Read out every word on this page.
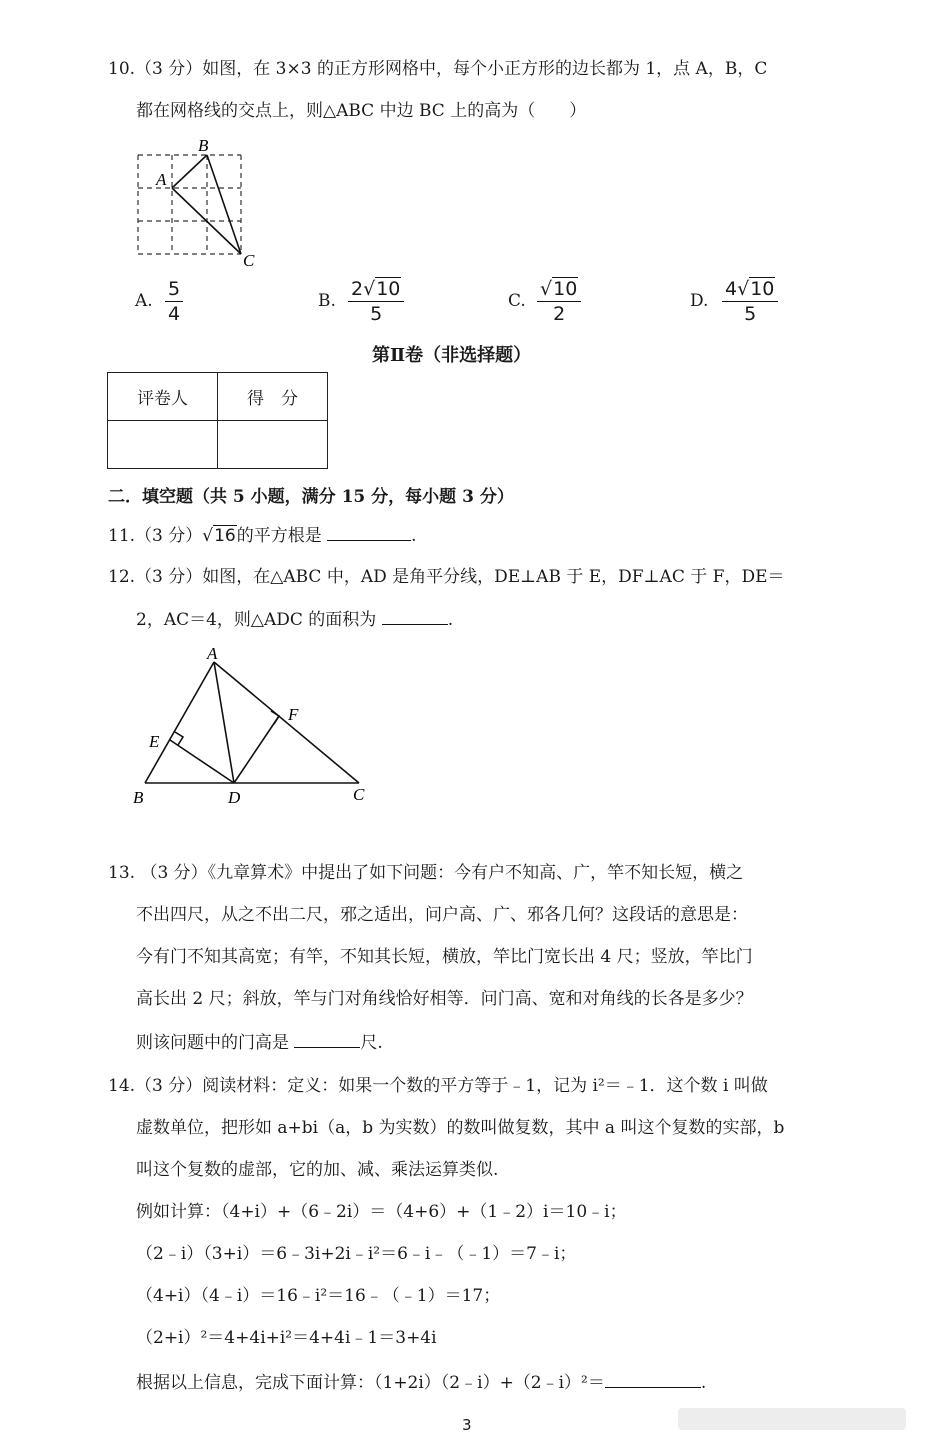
10.（3 分）如图，在 3×3 的正方形网格中，每个小正方形的边长都为 1，点 A，B，C
都在网格线的交点上，则△ABC 中边 BC 上的高为（　　）
B
A
C
A. $\frac{5}{4}$	B. $\frac{2√10}{5}$	C. $\frac{√10}{2}$	D. $\frac{4√10}{5}$
第Ⅱ卷（非选择题）
评卷人	得　分

二．填空题（共 5 小题，满分 15 分，每小题 3 分）
11.（3 分）√16的平方根是	.
12.（3 分）如图，在△ABC 中，AD 是角平分线，DE⊥AB 于 E，DF⊥AC 于 F，DE＝
2，AC＝4，则△ADC 的面积为	.
A
B	C
D
E
F
13. （3 分）《九章算术》中提出了如下问题：今有户不知高、广，竿不知长短，横之
不出四尺，从之不出二尺，邪之适出，问户高、广、邪各几何？这段话的意思是：
今有门不知其高宽；有竿，不知其长短，横放，竿比门宽长出 4 尺；竖放，竿比门
高长出 2 尺；斜放，竿与门对角线恰好相等．问门高、宽和对角线的长各是多少？
则该问题中的门高是	尺.
14.（3 分）阅读材料：定义：如果一个数的平方等于﹣1，记为 i²＝﹣1．这个数 i 叫做
虚数单位，把形如 a+bi（a，b 为实数）的数叫做复数，其中 a 叫这个复数的实部，b
叫这个复数的虚部，它的加、减、乘法运算类似.
例如计算：（4+i）+（6﹣2i）＝（4+6）+（1﹣2）i＝10﹣i；
（2﹣i）（3+i）＝6﹣3i+2i﹣i²＝6﹣i﹣（﹣1）＝7﹣i；
（4+i）（4﹣i）＝16﹣i²＝16﹣（﹣1）＝17；
（2+i）²＝4+4i+i²＝4+4i﹣1＝3+4i
根据以上信息，完成下面计算：（1+2i）（2﹣i）+（2﹣i）²＝	.
3
